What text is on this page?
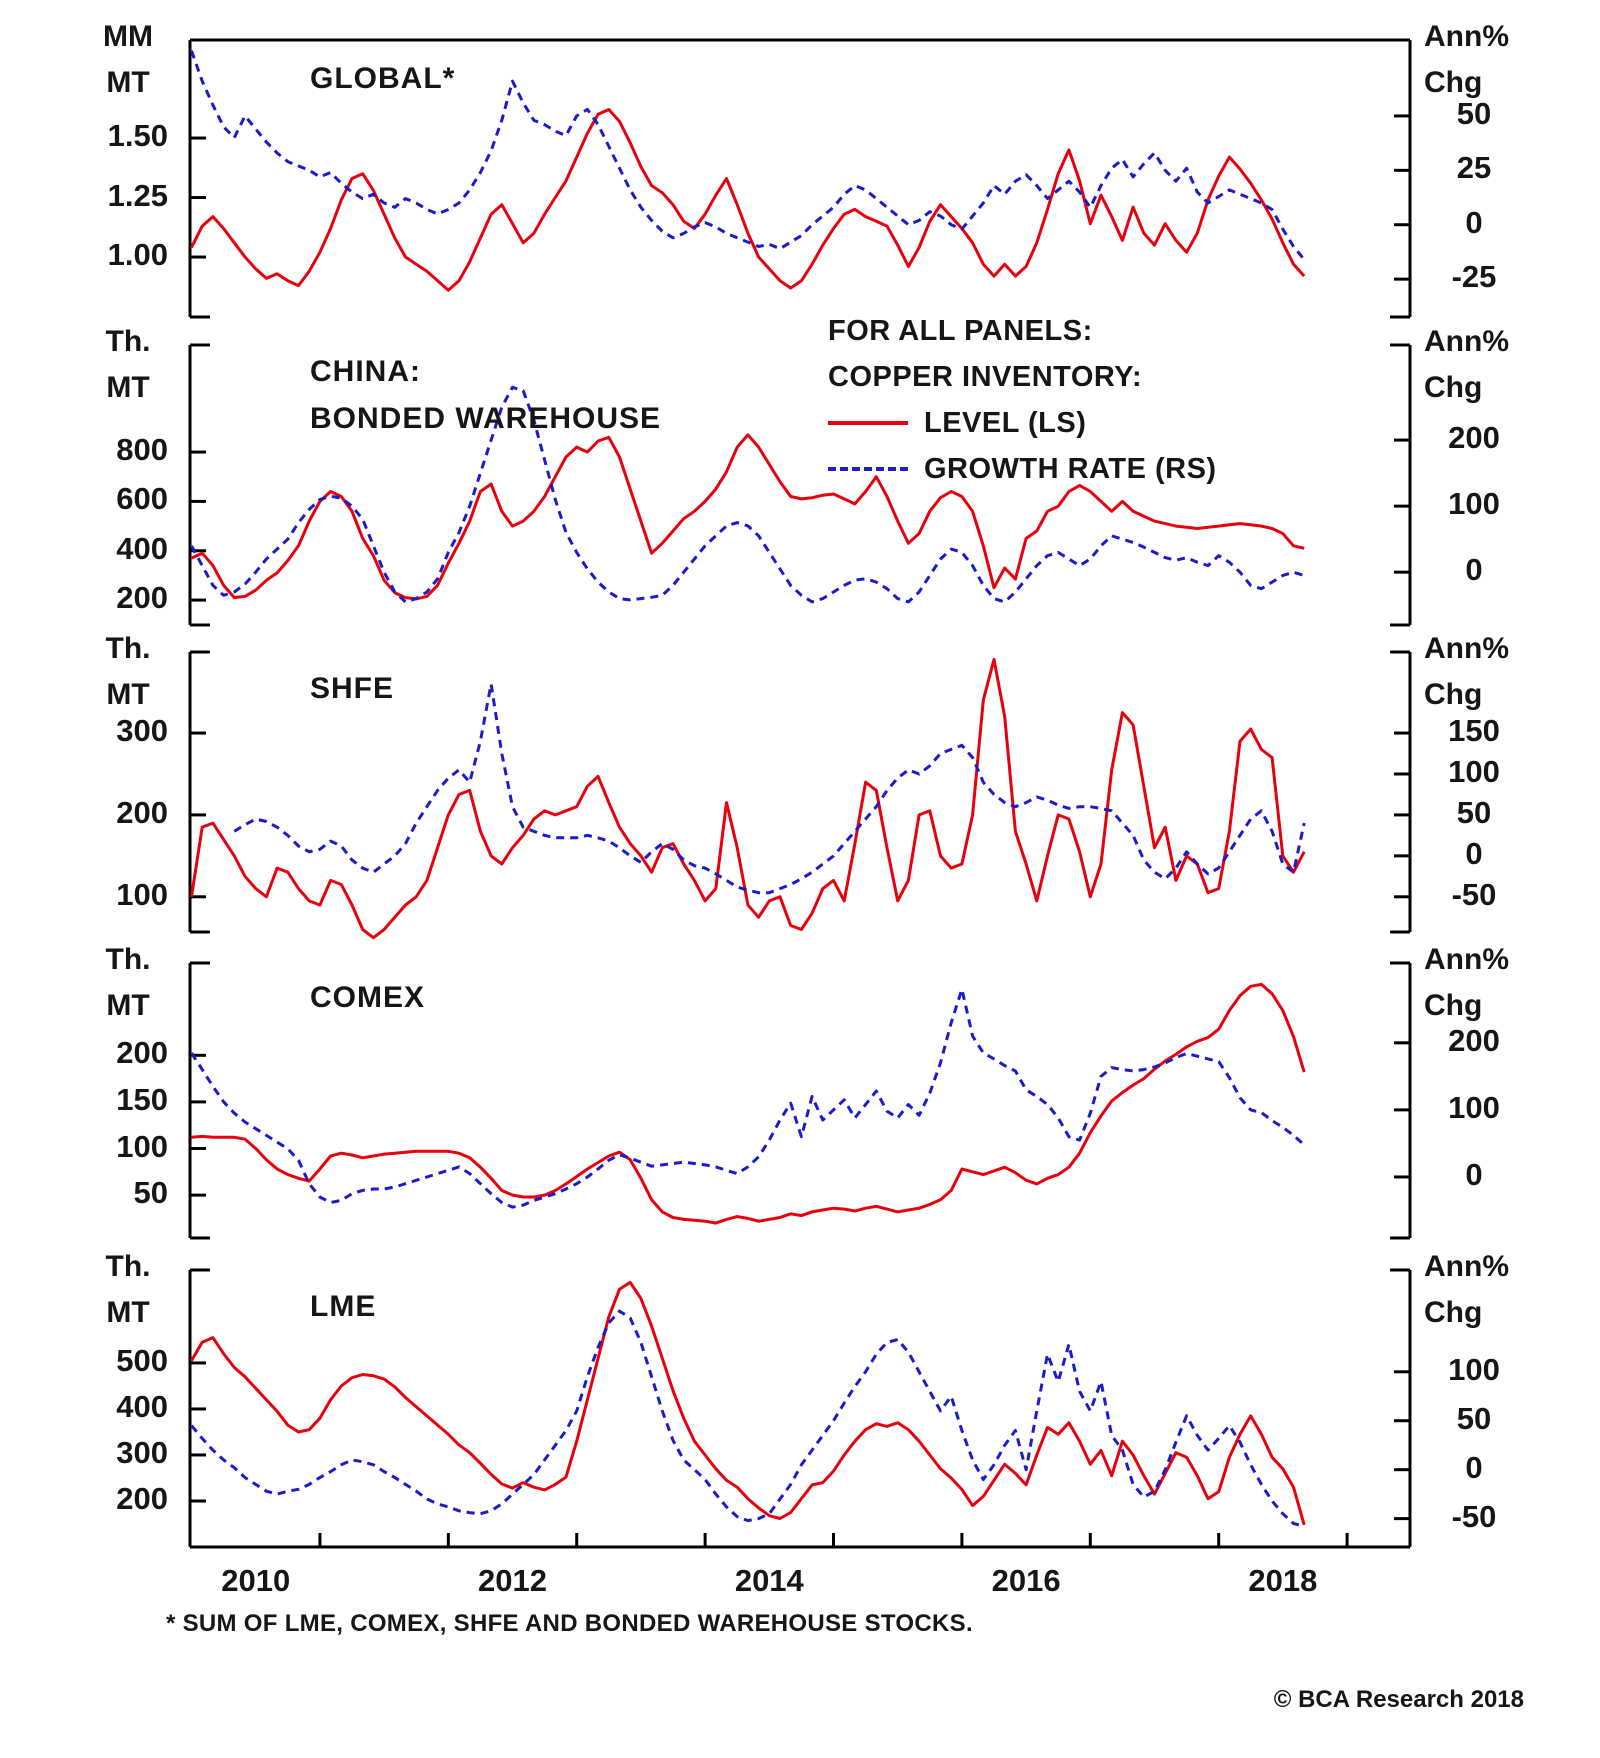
1.50
1.25
1.00
50
25
0
-25
MM
MT
Ann%
Chg
GLOBAL*
800
600
400
200
200
100
0
Th.
MT
Ann%
Chg
CHINA:
BONDED WAREHOUSE
300
200
100
150
100
50
0
-50
Th.
MT
Ann%
Chg
SHFE
200
150
100
50
200
100
0
Th.
MT
Ann%
Chg
COMEX
500
400
300
200
100
50
0
-50
Th.
MT
Ann%
Chg
LME
2010	2012	2014	2016	2018
FOR ALL PANELS:
COPPER INVENTORY:
LEVEL (LS)
GROWTH RATE (RS)
* SUM OF LME, COMEX, SHFE AND BONDED WAREHOUSE STOCKS.
© BCA Research 2018
